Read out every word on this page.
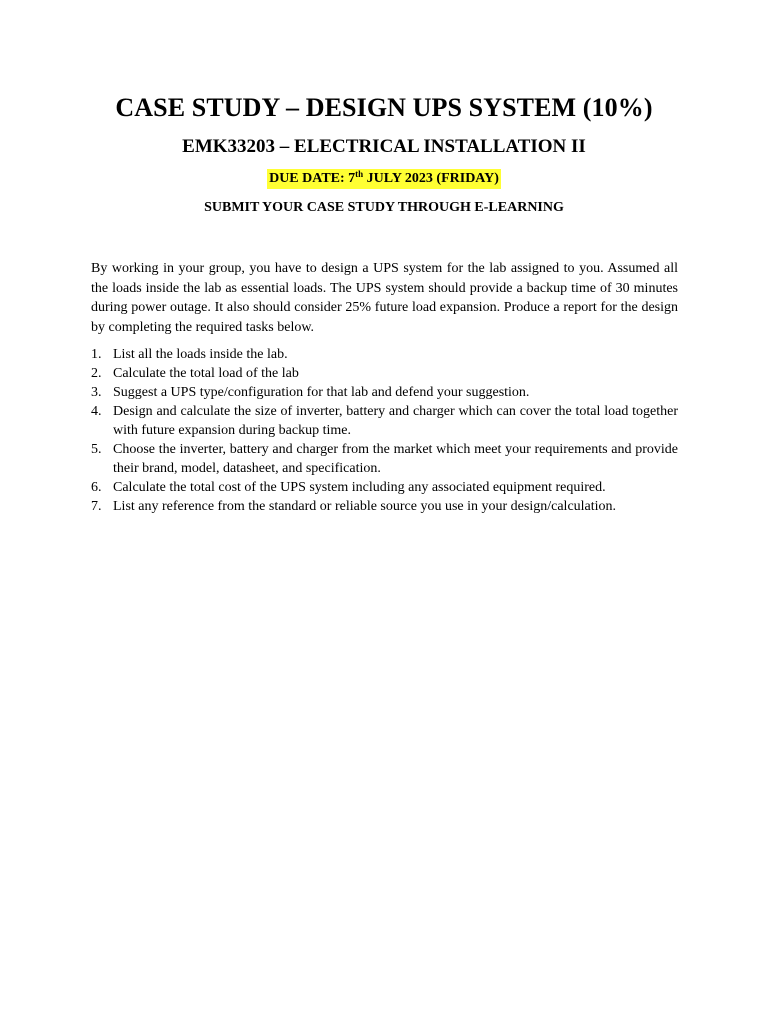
CASE STUDY – DESIGN UPS SYSTEM (10%)
EMK33203 – ELECTRICAL INSTALLATION II
DUE DATE: 7th JULY 2023 (FRIDAY)
SUBMIT YOUR CASE STUDY THROUGH E-LEARNING

By working in your group, you have to design a UPS system for the lab assigned to you. Assumed all the loads inside the lab as essential loads. The UPS system should provide a backup time of 30 minutes during power outage. It also should consider 25% future load expansion. Produce a report for the design by completing the required tasks below.

1. List all the loads inside the lab.
2. Calculate the total load of the lab
3. Suggest a UPS type/configuration for that lab and defend your suggestion.
4. Design and calculate the size of inverter, battery and charger which can cover the total load together with future expansion during backup time.
5. Choose the inverter, battery and charger from the market which meet your requirements and provide their brand, model, datasheet, and specification.
6. Calculate the total cost of the UPS system including any associated equipment required.
7. List any reference from the standard or reliable source you use in your design/calculation.
